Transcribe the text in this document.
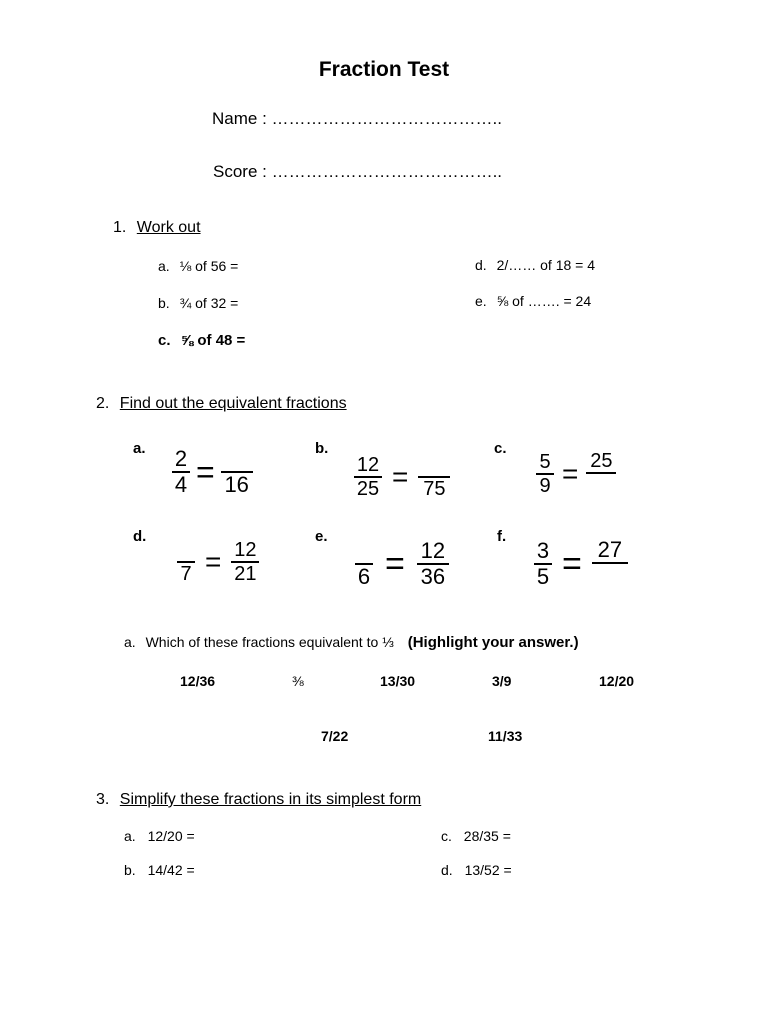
Fraction Test
Name : …………………………………..
Score : …………………………………..
1. Work out
a. ⅛ of 56 =
b. ¾ of 32 =
c. ⅝ of 48 =
d. 2/…… of 18 = 4
e. ⅝ of ……. = 24
2. Find out the equivalent fractions
a.	b.	c.
d.	e.	f.
$\frac{2}{4} = 16$	$\frac{12}{25} = 75$	$\frac{5}{9} = 25$
$7 = \frac{12}{21}$	$6 = \frac{12}{36}$	$\frac{3}{5} = 27$
a. Which of these fractions equivalent to ⅓ (Highlight your answer.)
12/36	⅜	13/30	3/9	12/20
7/22	11/33
3. Simplify these fractions in its simplest form
a. 12/20 =
b. 14/42 =
c. 28/35 =
d. 13/52 =
